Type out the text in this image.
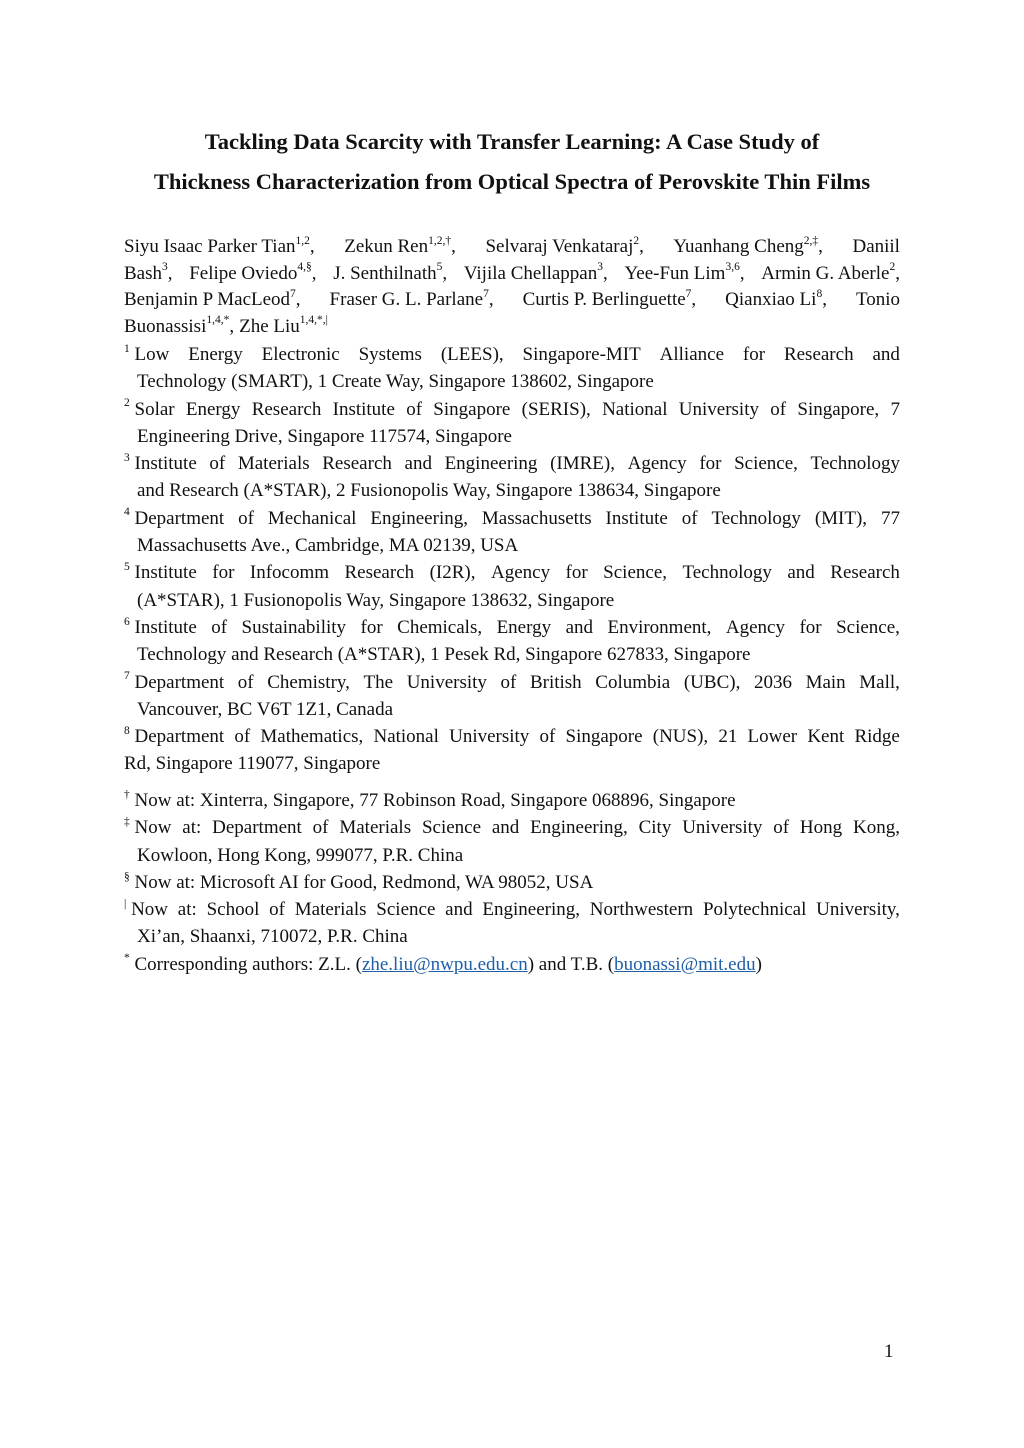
Tackling Data Scarcity with Transfer Learning: A Case Study of
Thickness Characterization from Optical Spectra of Perovskite Thin Films
Siyu Isaac Parker Tian$^{1,2}$, Zekun Ren$^{1,2,\dagger}$, Selvaraj Venkataraj$^2$, Yuanhang Cheng$^{2,\ddagger}$, Daniil
Bash$^3$, Felipe Oviedo$^{4,\S}$, J. Senthilnath$^5$, Vijila Chellappan$^3$, Yee-Fun Lim$^{3,6}$, Armin G. Aberle$^2$,
Benjamin P MacLeod$^7$, Fraser G. L. Parlane$^7$, Curtis P. Berlinguette$^7$, Qianxiao Li$^8$, Tonio
Buonassisi$^{1,4,*}$, Zhe Liu$^{1,4,*,|}$
$^1$ Low Energy Electronic Systems (LEES), Singapore-MIT Alliance for Research and
Technology (SMART), 1 Create Way, Singapore 138602, Singapore
$^2$ Solar Energy Research Institute of Singapore (SERIS), National University of Singapore, 7
Engineering Drive, Singapore 117574, Singapore
$^3$ Institute of Materials Research and Engineering (IMRE), Agency for Science, Technology
and Research (A*STAR), 2 Fusionopolis Way, Singapore 138634, Singapore
$^4$ Department of Mechanical Engineering, Massachusetts Institute of Technology (MIT), 77
Massachusetts Ave., Cambridge, MA 02139, USA
$^5$ Institute for Infocomm Research (I2R), Agency for Science, Technology and Research
(A*STAR), 1 Fusionopolis Way, Singapore 138632, Singapore
$^6$ Institute of Sustainability for Chemicals, Energy and Environment, Agency for Science,
Technology and Research (A*STAR), 1 Pesek Rd, Singapore 627833, Singapore
$^7$ Department of Chemistry, The University of British Columbia (UBC), 2036 Main Mall,
Vancouver, BC V6T 1Z1, Canada
$^8$ Department of Mathematics, National University of Singapore (NUS), 21 Lower Kent Ridge
Rd, Singapore 119077, Singapore
† Now at: Xinterra, Singapore, 77 Robinson Road, Singapore 068896, Singapore
‡ Now at: Department of Materials Science and Engineering, City University of Hong Kong,
Kowloon, Hong Kong, 999077, P.R. China
§ Now at: Microsoft AI for Good, Redmond, WA 98052, USA
| Now at: School of Materials Science and Engineering, Northwestern Polytechnical University,
Xi’an, Shaanxi, 710072, P.R. China
* Corresponding authors: Z.L. (zhe.liu@nwpu.edu.cn) and T.B. (buonassi@mit.edu)
1
